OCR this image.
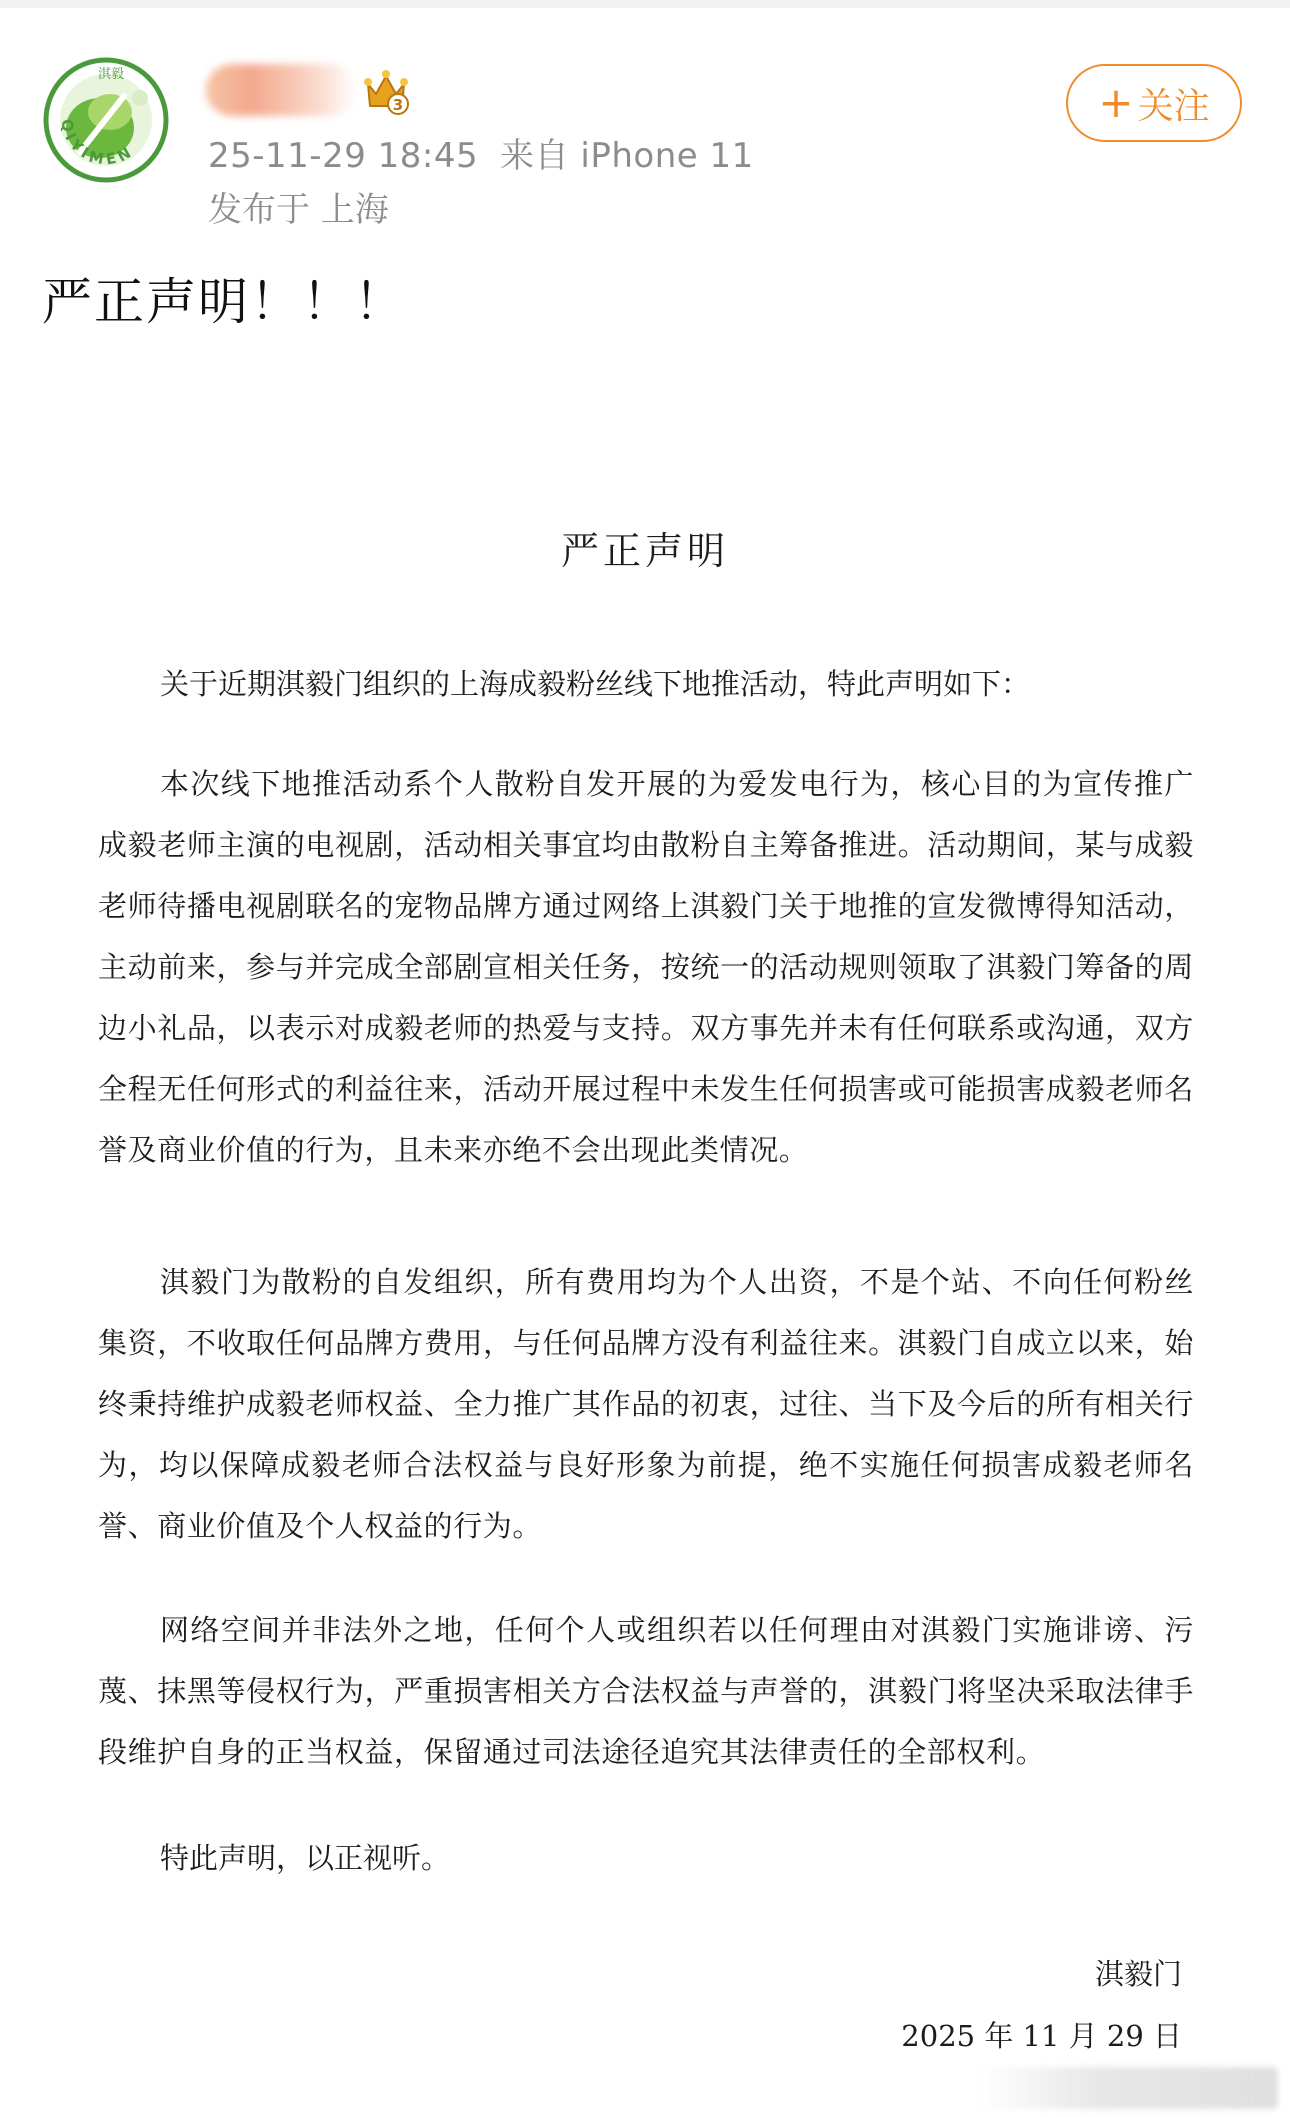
淇毅
QIYIMEN
3
25-11-29 18:45 来自 iPhone 11
发布于 上海
+ 关注
严正声明！！！
严正声明
关于近期淇毅门组织的上海成毅粉丝线下地推活动，特此声明如下：
本次线下地推活动系个人散粉自发开展的为爱发电行为，核心目的为宣传推广成毅老师主演的电视剧，活动相关事宜均由散粉自主筹备推进。活动期间，某与成毅老师待播电视剧联名的宠物品牌方通过网络上淇毅门关于地推的宣发微博得知活动，主动前来，参与并完成全部剧宣相关任务，按统一的活动规则领取了淇毅门筹备的周边小礼品，以表示对成毅老师的热爱与支持。双方事先并未有任何联系或沟通，双方全程无任何形式的利益往来，活动开展过程中未发生任何损害或可能损害成毅老师名誉及商业价值的行为，且未来亦绝不会出现此类情况。
淇毅门为散粉的自发组织，所有费用均为个人出资，不是个站、不向任何粉丝集资，不收取任何品牌方费用，与任何品牌方没有利益往来。淇毅门自成立以来，始终秉持维护成毅老师权益、全力推广其作品的初衷，过往、当下及今后的所有相关行为，均以保障成毅老师合法权益与良好形象为前提，绝不实施任何损害成毅老师名誉、商业价值及个人权益的行为。
网络空间并非法外之地，任何个人或组织若以任何理由对淇毅门实施诽谤、污蔑、抹黑等侵权行为，严重损害相关方合法权益与声誉的，淇毅门将坚决采取法律手段维护自身的正当权益，保留通过司法途径追究其法律责任的全部权利。
特此声明，以正视听。
淇毅门
2025 年 11 月 29 日
